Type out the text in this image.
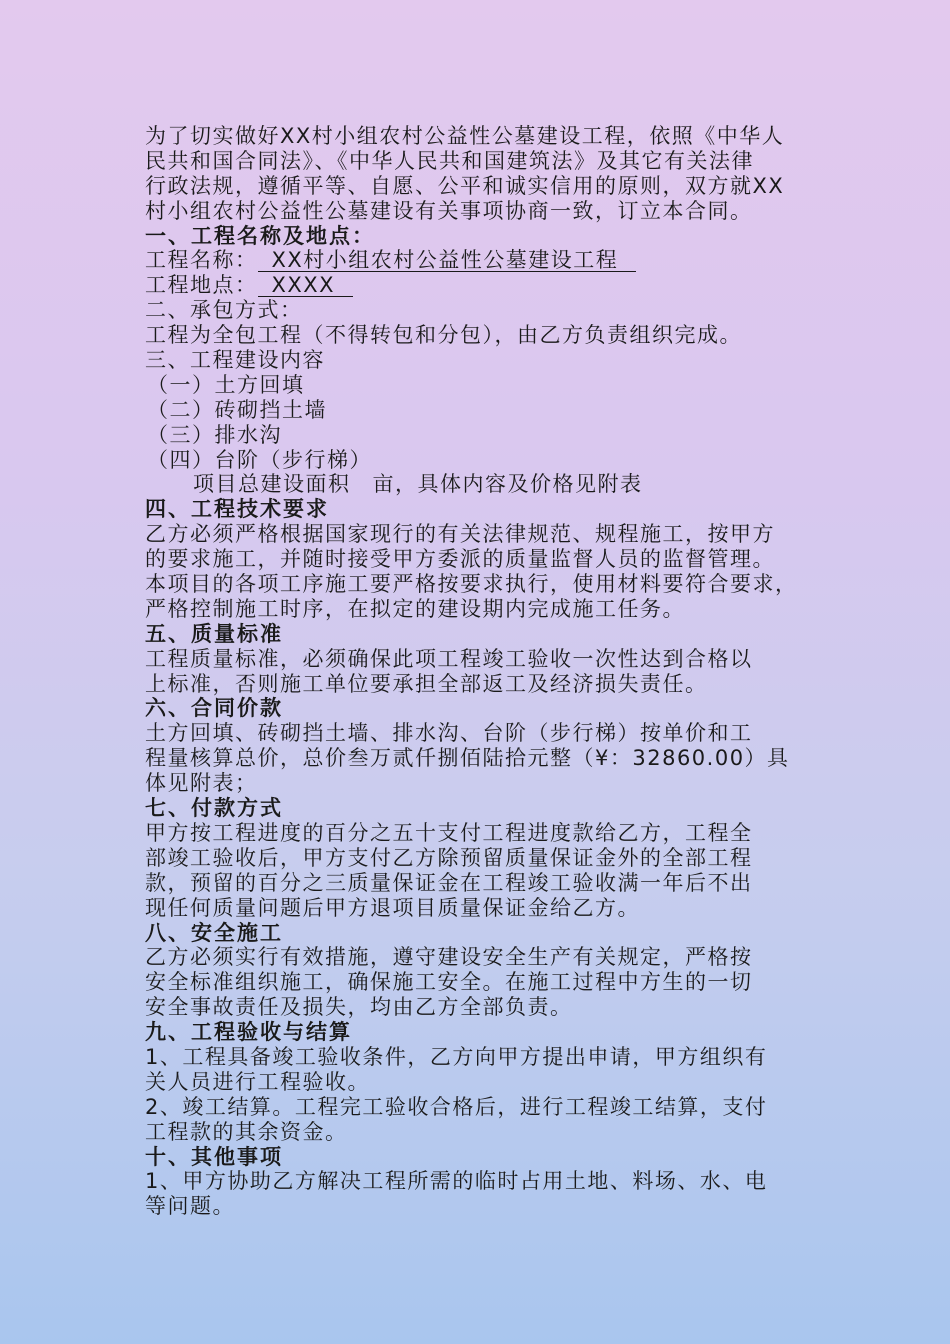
为了切实做好XX村小组农村公益性公墓建设工程，依照《中华人
民共和国合同法》、《中华人民共和国建筑法》及其它有关法律
行政法规，遵循平等、自愿、公平和诚实信用的原则，双方就XX
村小组农村公益性公墓建设有关事项协商一致，订立本合同。
一、工程名称及地点：
工程名称： XX村小组农村公益性公墓建设工程
工程地点： XXXX
二、承包方式：
工程为全包工程（不得转包和分包），由乙方负责组织完成。
三、工程建设内容
（一）土方回填
（二）砖砌挡土墙
（三）排水沟
（四）台阶（步行梯）
项目总建设面积 亩，具体内容及价格见附表
四、工程技术要求
乙方必须严格根据国家现行的有关法律规范、规程施工，按甲方
的要求施工，并随时接受甲方委派的质量监督人员的监督管理。
本项目的各项工序施工要严格按要求执行，使用材料要符合要求，
严格控制施工时序，在拟定的建设期内完成施工任务。
五、质量标准
工程质量标准，必须确保此项工程竣工验收一次性达到合格以
上标准，否则施工单位要承担全部返工及经济损失责任。
六、合同价款
土方回填、砖砌挡土墙、排水沟、台阶（步行梯）按单价和工
程量核算总价，总价叁万贰仟捌佰陆拾元整（¥：32860.00）具
体见附表；
七、付款方式
甲方按工程进度的百分之五十支付工程进度款给乙方，工程全
部竣工验收后，甲方支付乙方除预留质量保证金外的全部工程
款，预留的百分之三质量保证金在工程竣工验收满一年后不出
现任何质量问题后甲方退项目质量保证金给乙方。
八、安全施工
乙方必须实行有效措施，遵守建设安全生产有关规定，严格按
安全标准组织施工，确保施工安全。在施工过程中方生的一切
安全事故责任及损失，均由乙方全部负责。
九、工程验收与结算
1、工程具备竣工验收条件，乙方向甲方提出申请，甲方组织有
关人员进行工程验收。
2、竣工结算。工程完工验收合格后，进行工程竣工结算，支付
工程款的其余资金。
十、其他事项
1、甲方协助乙方解决工程所需的临时占用土地、料场、水、电
等问题。
